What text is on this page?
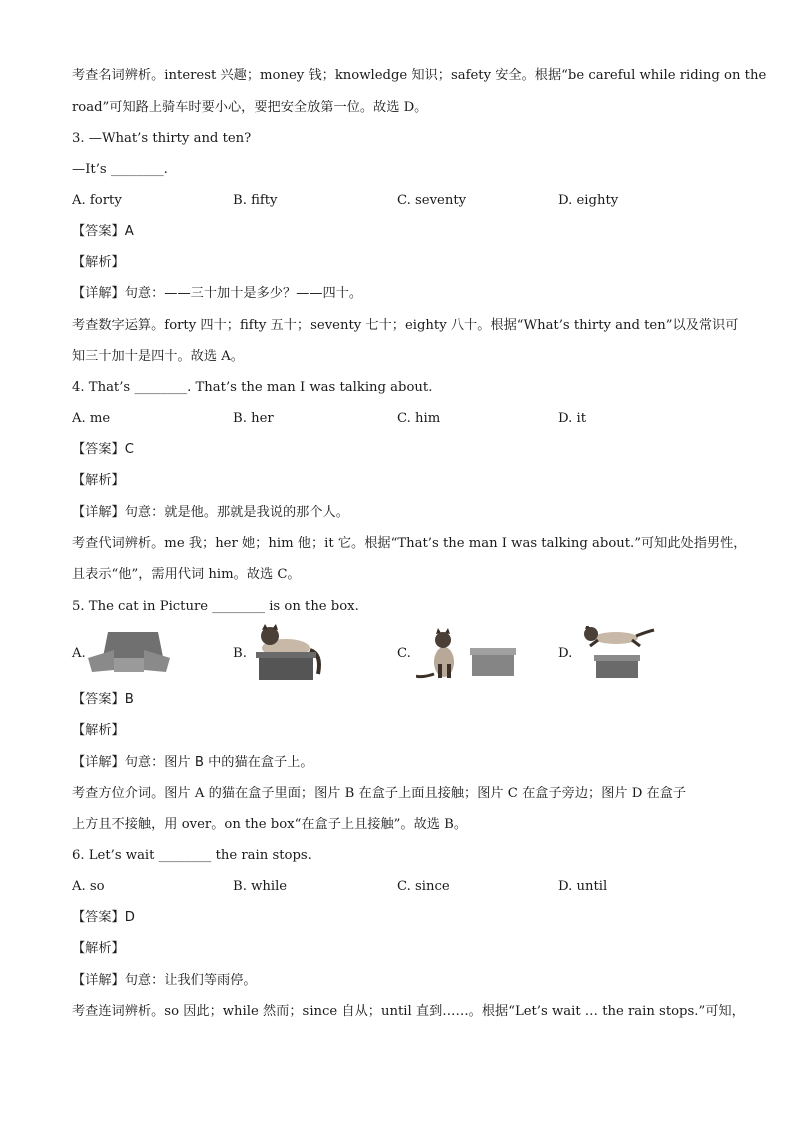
考查名词辨析。interest 兴趣；money 钱；knowledge 知识；safety 安全。根据“be careful while riding on the
road”可知路上骑车时要小心，要把安全放第一位。故选 D。
3. —What’s thirty and ten?
—It’s ________.
A. forty	B. fifty	C. seventy	D. eighty
【答案】A
【解析】
【详解】句意：——三十加十是多少？——四十。
考查数字运算。forty 四十；fifty 五十；seventy 七十；eighty 八十。根据“What’s thirty and ten”以及常识可
知三十加十是四十。故选 A。
4. That’s ________. That’s the man I was talking about.
A. me	B. her	C. him	D. it
【答案】C
【解析】
【详解】句意：就是他。那就是我说的那个人。
考查代词辨析。me 我；her 她；him 他；it 它。根据“That’s the man I was talking about.”可知此处指男性，
且表示“他”，需用代词 him。故选 C。
5. The cat in Picture ________ is on the box.
A.	B.	C.	D.
【答案】B
【解析】
【详解】句意：图片 B 中的猫在盒子上。
考查方位介词。图片 A 的猫在盒子里面；图片 B 在盒子上面且接触；图片 C 在盒子旁边；图片 D 在盒子
上方且不接触，用 over。on the box“在盒子上且接触”。故选 B。
6. Let’s wait ________ the rain stops.
A. so	B. while	C. since	D. until
【答案】D
【解析】
【详解】句意：让我们等雨停。
考查连词辨析。so 因此；while 然而；since 自从；until 直到……。根据“Let’s wait … the rain stops.”可知，
